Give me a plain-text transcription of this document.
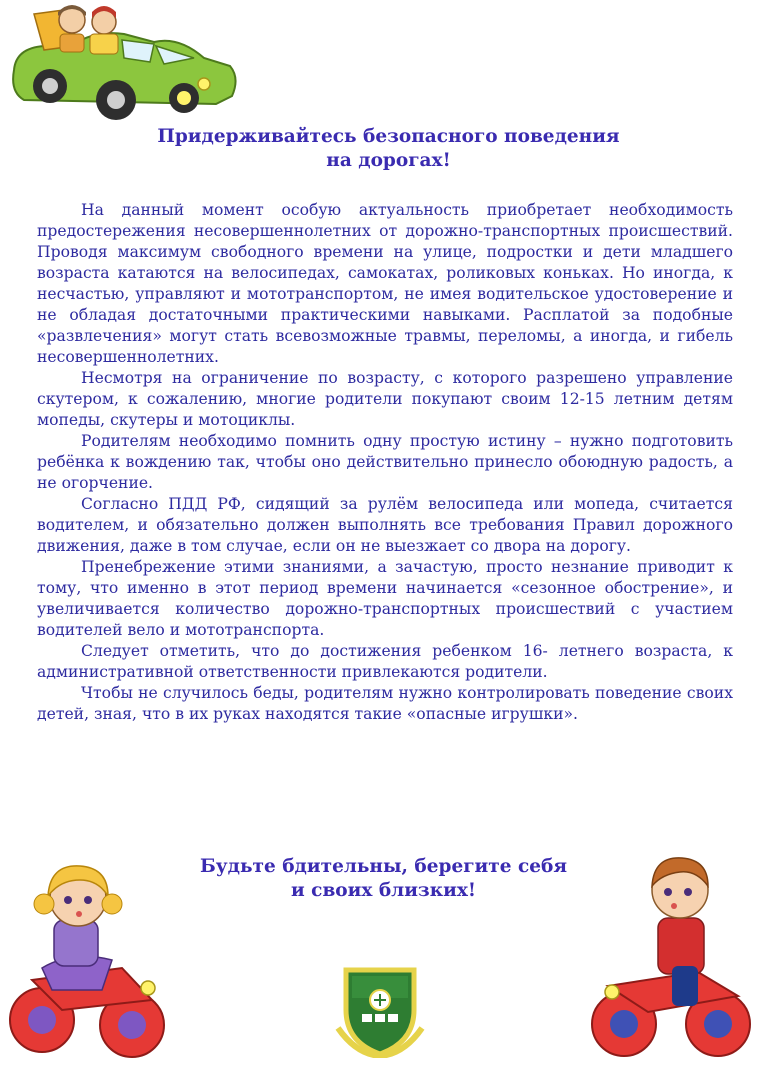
Придерживайтесь безопасного поведения
на дорогах!

На данный момент особую актуальность приобретает необходимость предостережения несовершеннолетних от дорожно-транспортных происшествий. Проводя максимум свободного времени на улице, подростки и дети младшего возраста катаются на велосипедах, самокатах, роликовых коньках. Но иногда, к несчастью, управляют и мототранспортом, не имея водительское удостоверение и не обладая достаточными практическими навыками. Расплатой за подобные «развлечения» могут стать всевозможные травмы, переломы, а иногда, и гибель несовершеннолетних.

Несмотря на ограничение по возрасту, с которого разрешено управление скутером, к сожалению, многие родители покупают своим 12-15 летним детям мопеды, скутеры и мотоциклы.

Родителям необходимо помнить одну простую истину – нужно подготовить ребёнка к вождению так, чтобы оно действительно принесло обоюдную радость, а не огорчение.

Согласно ПДД РФ, сидящий за рулём велосипеда или мопеда, считается водителем, и обязательно должен выполнять все требования Правил дорожного движения, даже в том случае, если он не выезжает со двора на дорогу.

Пренебрежение этими знаниями, а зачастую, просто незнание приводит к тому, что именно в этот период времени начинается «сезонное обострение», и увеличивается количество дорожно-транспортных происшествий с участием водителей вело и мототранспорта.

Следует отметить, что до достижения ребенком 16- летнего возраста, к административной ответственности привлекаются родители.

Чтобы не случилось беды, родителям нужно контролировать поведение своих детей, зная, что в их руках находятся такие «опасные игрушки».

Будьте бдительны, берегите себя
и своих близких!
